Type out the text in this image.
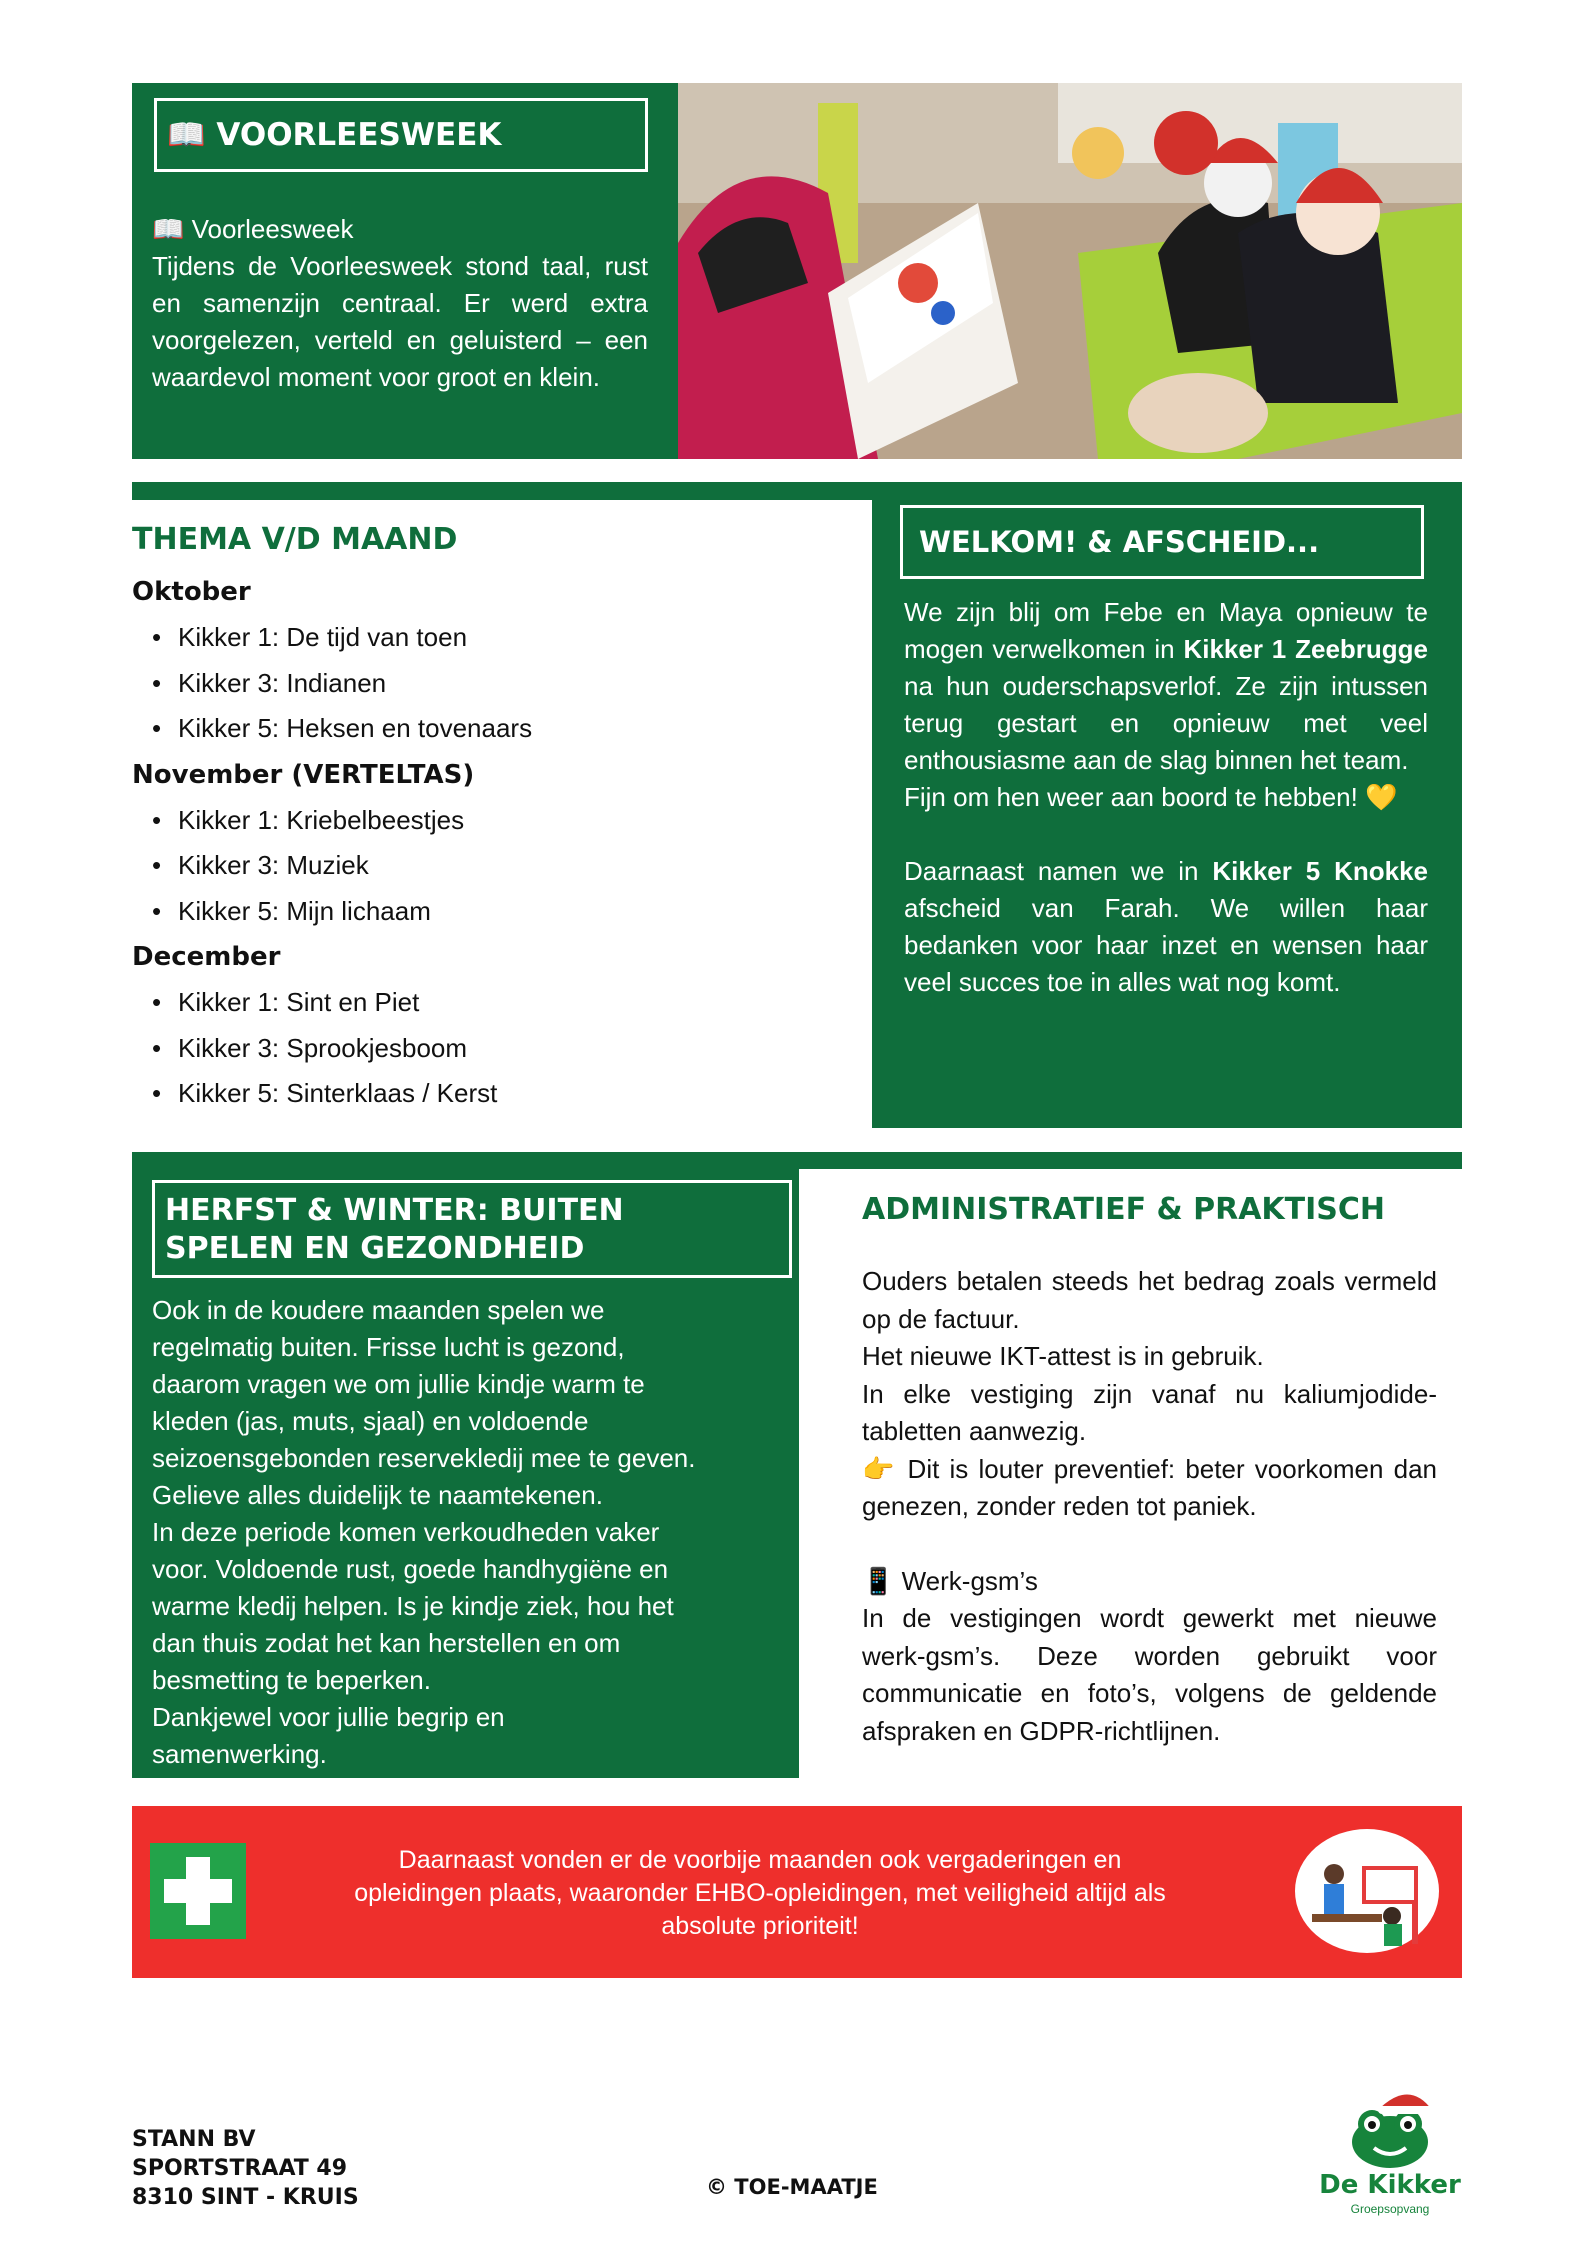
📖 VOORLEESWEEK
📖 Voorleesweek
Tijdens de Voorleesweek stond taal, rust en samenzijn centraal. Er werd extra voorgelezen, verteld en geluisterd – een waardevol moment voor groot en klein.
THEMA V/D MAAND
Oktober
• Kikker 1: De tijd van toen
• Kikker 3: Indianen
• Kikker 5: Heksen en tovenaars
November (VERTELTAS)
• Kikker 1: Kriebelbeestjes
• Kikker 3: Muziek
• Kikker 5: Mijn lichaam
December
• Kikker 1: Sint en Piet
• Kikker 3: Sprookjesboom
• Kikker 5: Sinterklaas / Kerst
WELKOM! & AFSCHEID...

We zijn blij om Febe en Maya opnieuw te mogen verwelkomen in Kikker 1 Zeebrugge na hun ouderschapsverlof. Ze zijn intussen terug gestart en opnieuw met veel enthousiasme aan de slag binnen het team.

Fijn om hen weer aan boord te hebben! 💛

Daarnaast namen we in Kikker 5 Knokke afscheid van Farah. We willen haar bedanken voor haar inzet en wensen haar veel succes toe in alles wat nog komt.

HERFST & WINTER: BUITEN
SPELEN EN GEZONDHEID
Ook in de koudere maanden spelen we
regelmatig buiten. Frisse lucht is gezond,
daarom vragen we om jullie kindje warm te
kleden (jas, muts, sjaal) en voldoende
seizoensgebonden reservekledij mee te geven.
Gelieve alles duidelijk te naamtekenen.
In deze periode komen verkoudheden vaker
voor. Voldoende rust, goede handhygiëne en
warme kledij helpen. Is je kindje ziek, hou het
dan thuis zodat het kan herstellen en om
besmetting te beperken.
Dankjewel voor jullie begrip en
samenwerking.
ADMINISTRATIEF & PRAKTISCH

Ouders betalen steeds het bedrag zoals vermeld op de factuur.

Het nieuwe IKT-attest is in gebruik.

In elke vestiging zijn vanaf nu kaliumjodide-tabletten aanwezig.

👉 Dit is louter preventief: beter voorkomen dan genezen, zonder reden tot paniek.

📱 Werk-gsm’s

In de vestigingen wordt gewerkt met nieuwe werk-gsm’s. Deze worden gebruikt voor communicatie en foto’s, volgens de geldende afspraken en GDPR-richtlijnen.

Daarnaast vonden er de voorbije maanden ook vergaderingen en
opleidingen plaats, waaronder EHBO-opleidingen, met veiligheid altijd als
absolute prioriteit!
STANN BV
SPORTSTRAAT 49
8310 SINT - KRUIS	© TOE-MAATJE	De Kikker
Groepsopvang
